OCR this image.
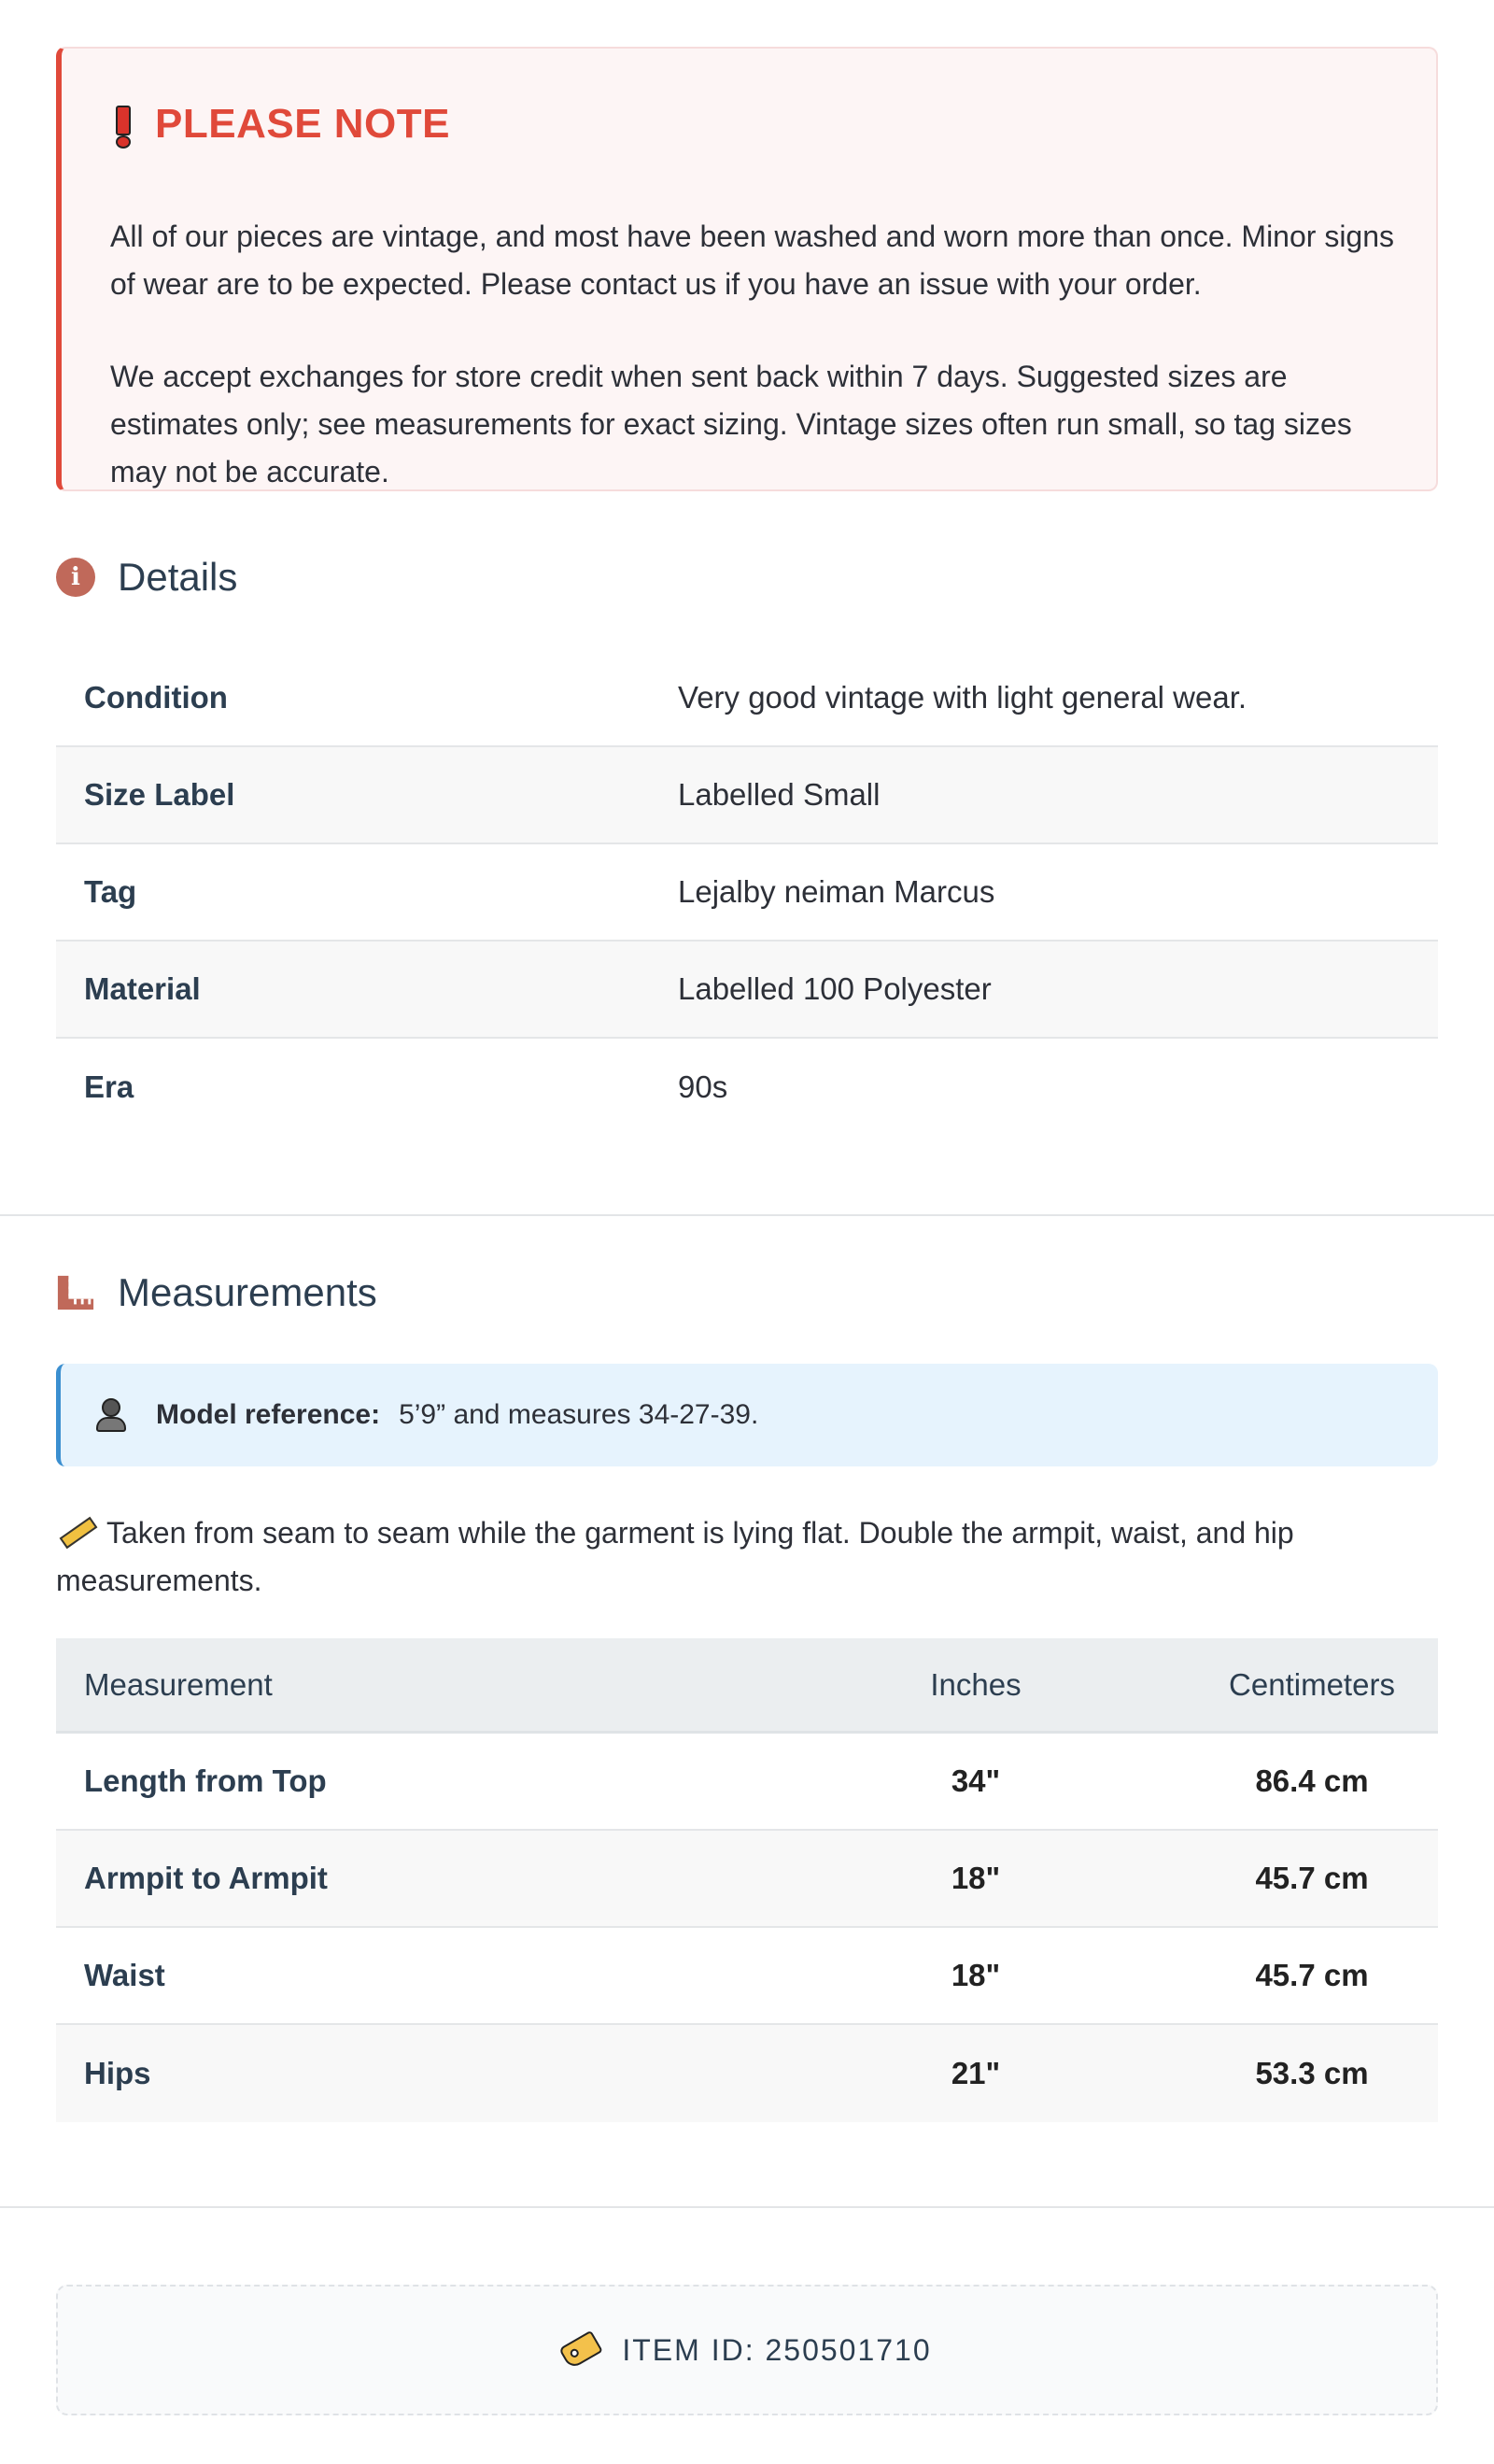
PLEASE NOTE

All of our pieces are vintage, and most have been washed and worn more than once. Minor signs of wear are to be expected. Please contact us if you have an issue with your order.

We accept exchanges for store credit when sent back within 7 days. Suggested sizes are estimates only; see measurements for exact sizing. Vintage sizes often run small, so tag sizes may not be accurate.

i Details
Condition	Very good vintage with light general wear.
Size Label	Labelled Small
Tag	Lejalby neiman Marcus
Material	Labelled 100 Polyester
Era	90s
Measurements
Model reference: 5’9” and measures 34-27-39.
Taken from seam to seam while the garment is lying flat. Double the armpit, waist, and hip measurements.
Measurement	Inches	Centimeters
Length from Top	34"	86.4 cm
Armpit to Armpit	18"	45.7 cm
Waist	18"	45.7 cm
Hips	21"	53.3 cm
ITEM ID: 250501710
